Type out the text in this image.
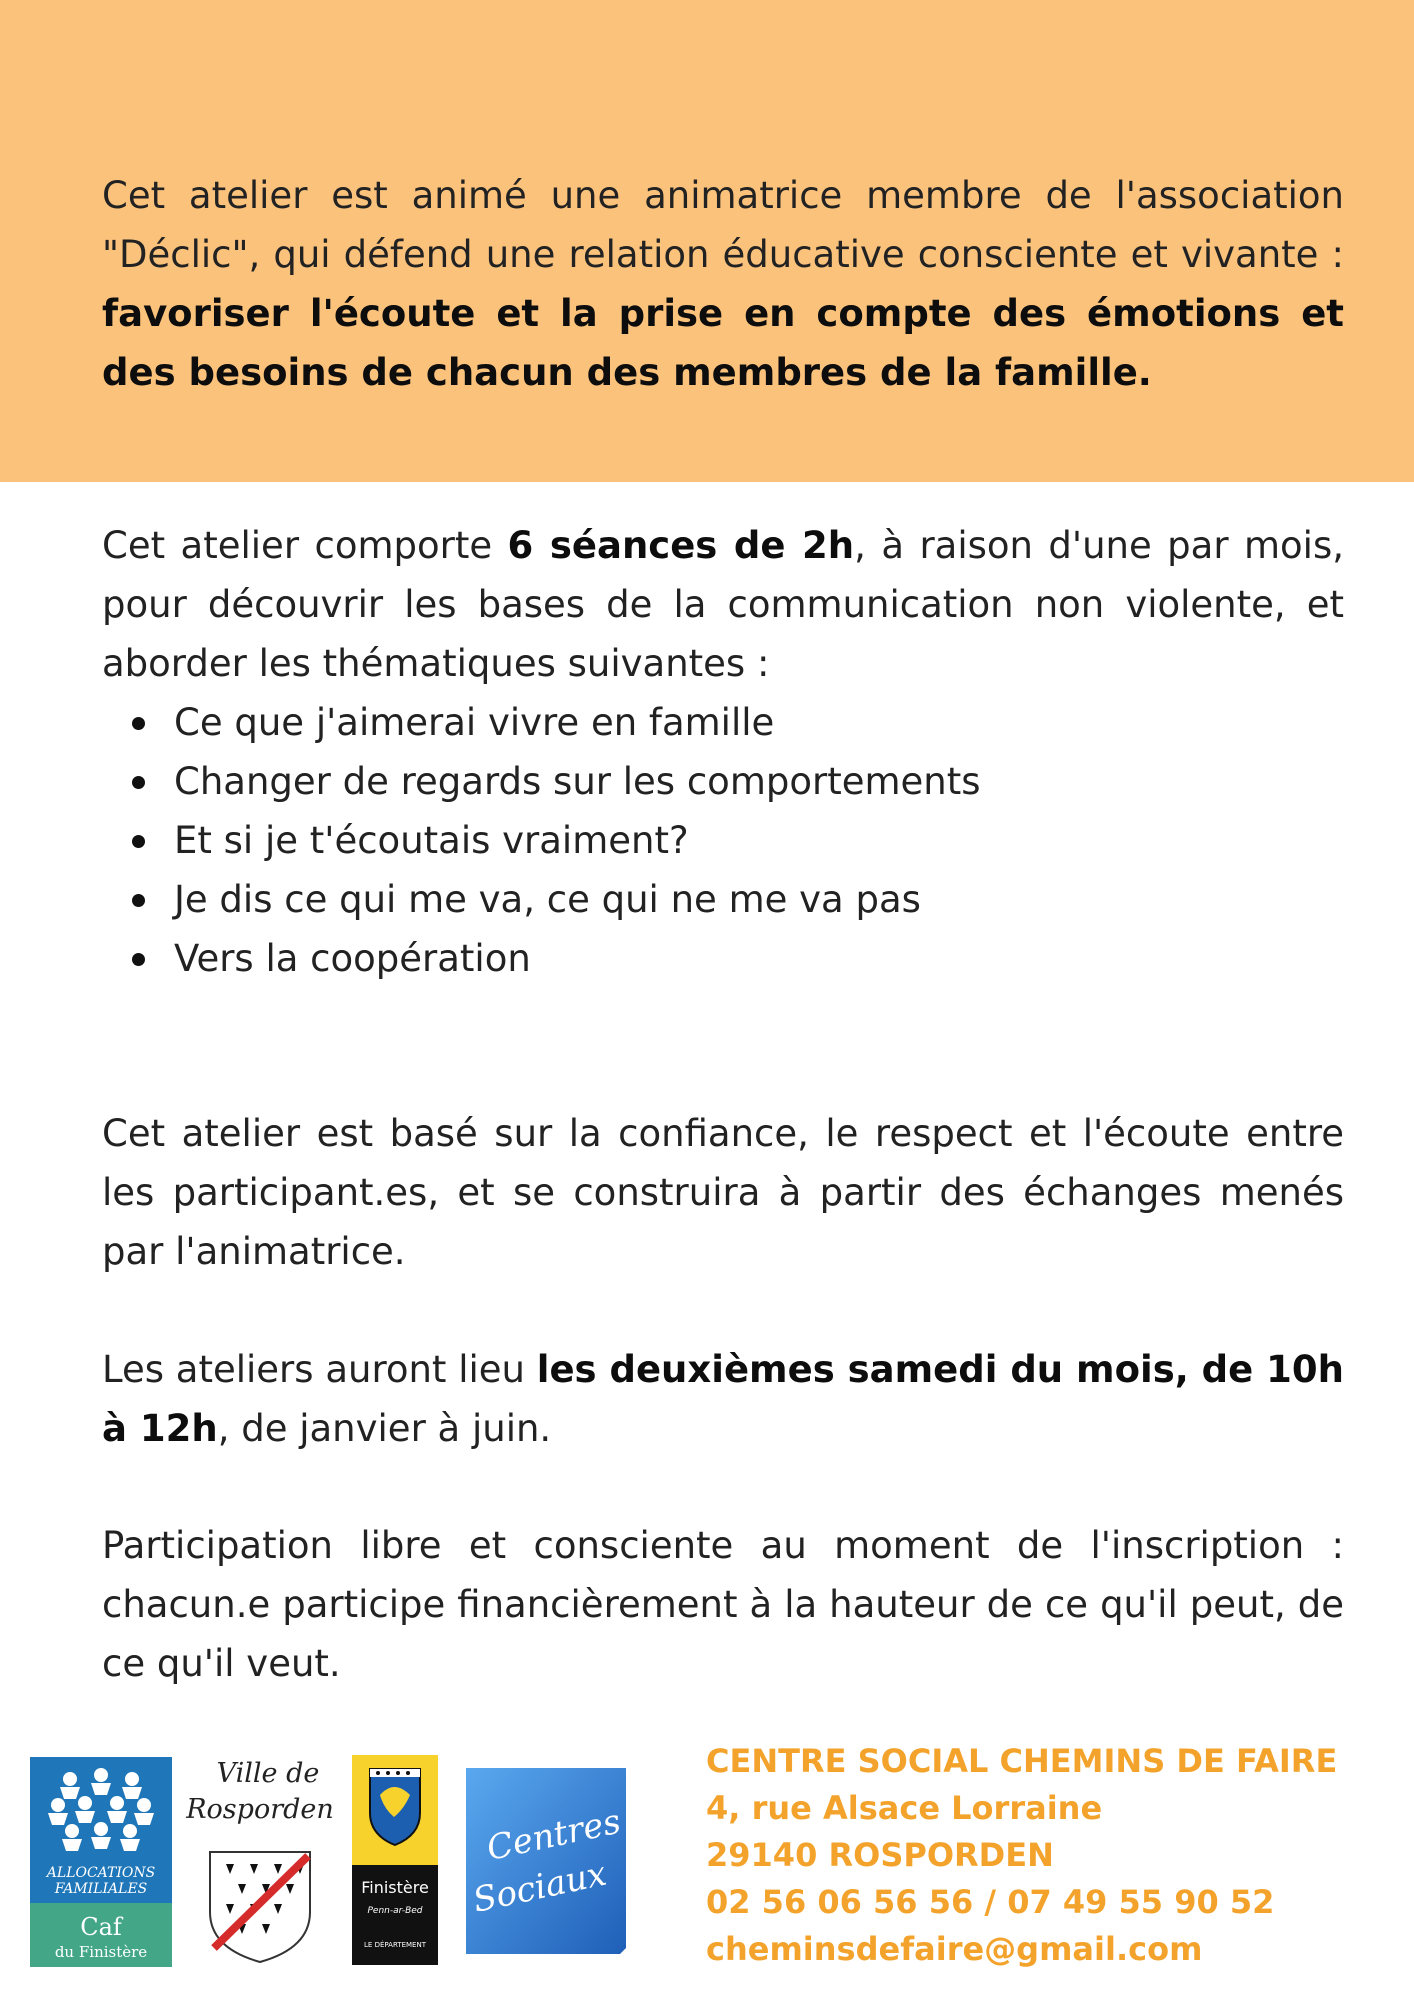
Cet atelier est animé une animatrice membre de l'association "Déclic", qui défend une relation éducative consciente et vivante : favoriser l'écoute et la prise en compte des émotions et des besoins de chacun des membres de la famille.

Cet atelier comporte 6 séances de 2h, à raison d'une par mois, pour découvrir les bases de la communication non violente, et aborder les thématiques suivantes :

Ce que j'aimerai vivre en famille
Changer de regards sur les comportements
Et si je t'écoutais vraiment?
Je dis ce qui me va, ce qui ne me va pas
Vers la coopération

Cet atelier est basé sur la confiance, le respect et l'écoute entre les participant.es, et se construira à partir des échanges menés par l'animatrice.

Les ateliers auront lieu les deuxièmes samedi du mois, de 10h à 12h, de janvier à juin.

Participation libre et consciente au moment de l'inscription : chacun.e participe financièrement à la hauteur de ce qu'il peut, de ce qu'il veut.

ALLOCATIONS
FAMILIALES
Caf
du Finistère
Ville de
Rosporden
Finistère
Penn-ar-Bed
LE DÉPARTEMENT
Centres
Sociaux
CENTRE SOCIAL CHEMINS DE FAIRE
4, rue Alsace Lorraine
29140 ROSPORDEN
02 56 06 56 56 / 07 49 55 90 52
cheminsdefaire@gmail.com
